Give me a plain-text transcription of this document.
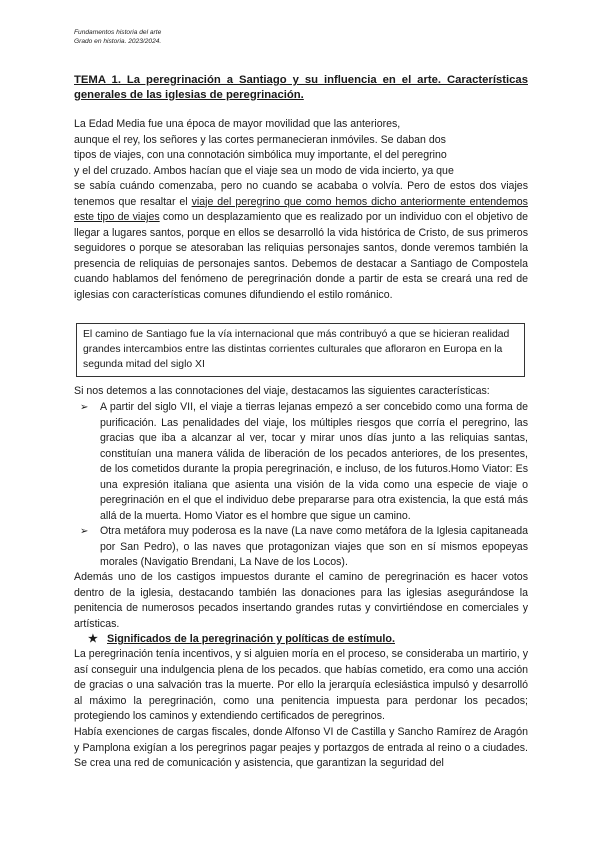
Fundamentos historia del arte
Grado en historia. 2023/2024.
TEMA 1. La peregrinación a Santiago y su influencia en el arte. Características generales de las iglesias de peregrinación.
La Edad Media fue una época de mayor movilidad que las anteriores,
aunque el rey, los señores y las cortes permanecieran inmóviles. Se daban dos
tipos de viajes, con una connotación simbólica muy importante, el del peregrino
y el del cruzado. Ambos hacían que el viaje sea un modo de vida incierto, ya que
se sabía cuándo comenzaba, pero no cuando se acababa o volvía. Pero de estos dos viajes tenemos que resaltar el viaje del peregrino que como hemos dicho anteriormente entendemos este tipo de viajes como un desplazamiento que es realizado por un individuo con el objetivo de llegar a lugares santos, porque en ellos se desarrolló la vida histórica de Cristo, de sus primeros seguidores o porque se atesoraban las reliquias personajes santos, donde veremos también la presencia de reliquias de personajes santos. Debemos de destacar a Santiago de Compostela cuando hablamos del fenómeno de peregrinación donde a partir de esta se creará una red de iglesias con características comunes difundiendo el estilo románico.
El camino de Santiago fue la vía internacional que más contribuyó a que se hicieran realidad grandes intercambios entre las distintas corrientes culturales que afloraron en Europa en la segunda mitad del siglo XI
Si nos detemos a las connotaciones del viaje, destacamos las siguientes características:
➢ A partir del siglo VII, el viaje a tierras lejanas empezó a ser concebido como una forma de purificación. Las penalidades del viaje, los múltiples riesgos que corría el peregrino, las gracias que iba a alcanzar al ver, tocar y mirar unos días junto a las reliquias santas, constituían una manera válida de liberación de los pecados anteriores, de los presentes, de los cometidos durante la propia peregrinación, e incluso, de los futuros.Homo Viator: Es una expresión italiana que asienta una visión de la vida como una especie de viaje o peregrinación en el que el individuo debe prepararse para otra existencia, la que está más allá de la muerta. Homo Viator es el hombre que sigue un camino.
➢ Otra metáfora muy poderosa es la nave (La nave como metáfora de la Iglesia capitaneada por San Pedro), o las naves que protagonizan viajes que son en sí mismos epopeyas morales (Navigatio Brendani, La Nave de los Locos).
Además uno de los castigos impuestos durante el camino de peregrinación es hacer votos dentro de la iglesia, destacando también las donaciones para las iglesias asegurándose la penitencia de numerosos pecados insertando grandes rutas y convirtiéndose en comerciales y artísticas.
★ Significados de la peregrinación y políticas de estímulo.
La peregrinación tenía incentivos, y si alguien moría en el proceso, se consideraba un martirio, y así conseguir una indulgencia plena de los pecados. que habías cometido, era como una acción de gracias o una salvación tras la muerte. Por ello la jerarquía eclesiástica impulsó y desarrolló al máximo la peregrinación, como una penitencia impuesta para perdonar los pecados; protegiendo los caminos y extendiendo certificados de peregrinos.
Había exenciones de cargas fiscales, donde Alfonso VI de Castilla y Sancho Ramírez de Aragón y Pamplona exigían a los peregrinos pagar peajes y portazgos de entrada al reino o a ciudades. Se crea una red de comunicación y asistencia, que garantizan la seguridad del
